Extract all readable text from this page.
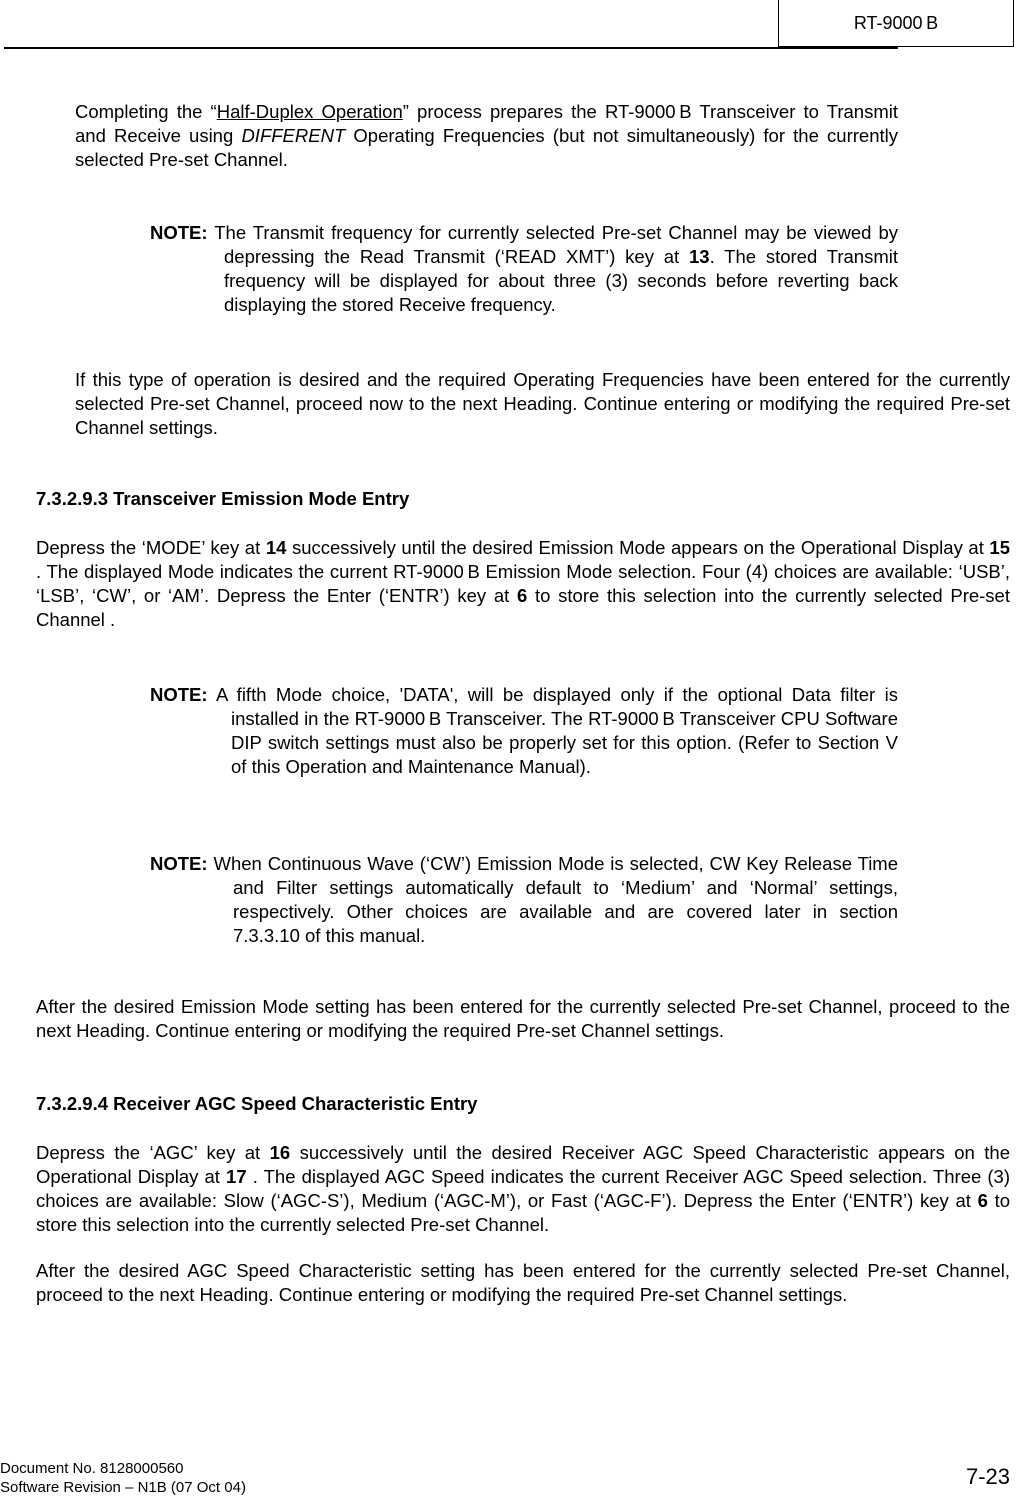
RT-9000 B

Completing the “Half-Duplex Operation” process prepares the RT-9000 B Transceiver to Transmit and Receive using DIFFERENT Operating Frequencies (but not simultaneously) for the currently selected Pre-set Channel.

NOTE: The Transmit frequency for currently selected Pre-set Channel may be viewed by depressing the Read Transmit (‘READ XMT’) key at 13. The stored Transmit frequency will be displayed for about three (3) seconds before reverting back displaying the stored Receive frequency.

If this type of operation is desired and the required Operating Frequencies have been entered for the currently selected Pre-set Channel, proceed now to the next Heading. Continue entering or modifying the required Pre-set Channel settings.

7.3.2.9.3 Transceiver Emission Mode Entry

Depress the ‘MODE’ key at 14 successively until the desired Emission Mode appears on the Operational Display at 15 . The displayed Mode indicates the current RT-9000 B Emission Mode selection. Four (4) choices are available: ‘USB’, ‘LSB’, ‘CW’, or ‘AM’. Depress the Enter (‘ENTR’) key at 6 to store this selection into the currently selected Pre-set Channel .

NOTE: A fifth Mode choice, 'DATA', will be displayed only if the optional Data filter is installed in the RT-9000 B Transceiver. The RT-9000 B Transceiver CPU Software DIP switch settings must also be properly set for this option. (Refer to Section V of this Operation and Maintenance Manual).

NOTE: When Continuous Wave (‘CW’) Emission Mode is selected, CW Key Release Time and Filter settings automatically default to ‘Medium’ and ‘Normal’ settings, respectively. Other choices are available and are covered later in section 7.3.3.10 of this manual.

After the desired Emission Mode setting has been entered for the currently selected Pre-set Channel, proceed to the next Heading. Continue entering or modifying the required Pre-set Channel settings.

7.3.2.9.4 Receiver AGC Speed Characteristic Entry

Depress the ‘AGC’ key at 16 successively until the desired Receiver AGC Speed Characteristic appears on the Operational Display at 17 . The displayed AGC Speed indicates the current Receiver AGC Speed selection. Three (3) choices are available: Slow (‘AGC-S’), Medium (‘AGC-M’), or Fast (‘AGC-F’). Depress the Enter (‘ENTR’) key at 6 to store this selection into the currently selected Pre-set Channel.

After the desired AGC Speed Characteristic setting has been entered for the currently selected Pre-set Channel, proceed to the next Heading. Continue entering or modifying the required Pre-set Channel settings.

Document No. 8128000560
Software Revision – N1B (07 Oct 04)	7-23
